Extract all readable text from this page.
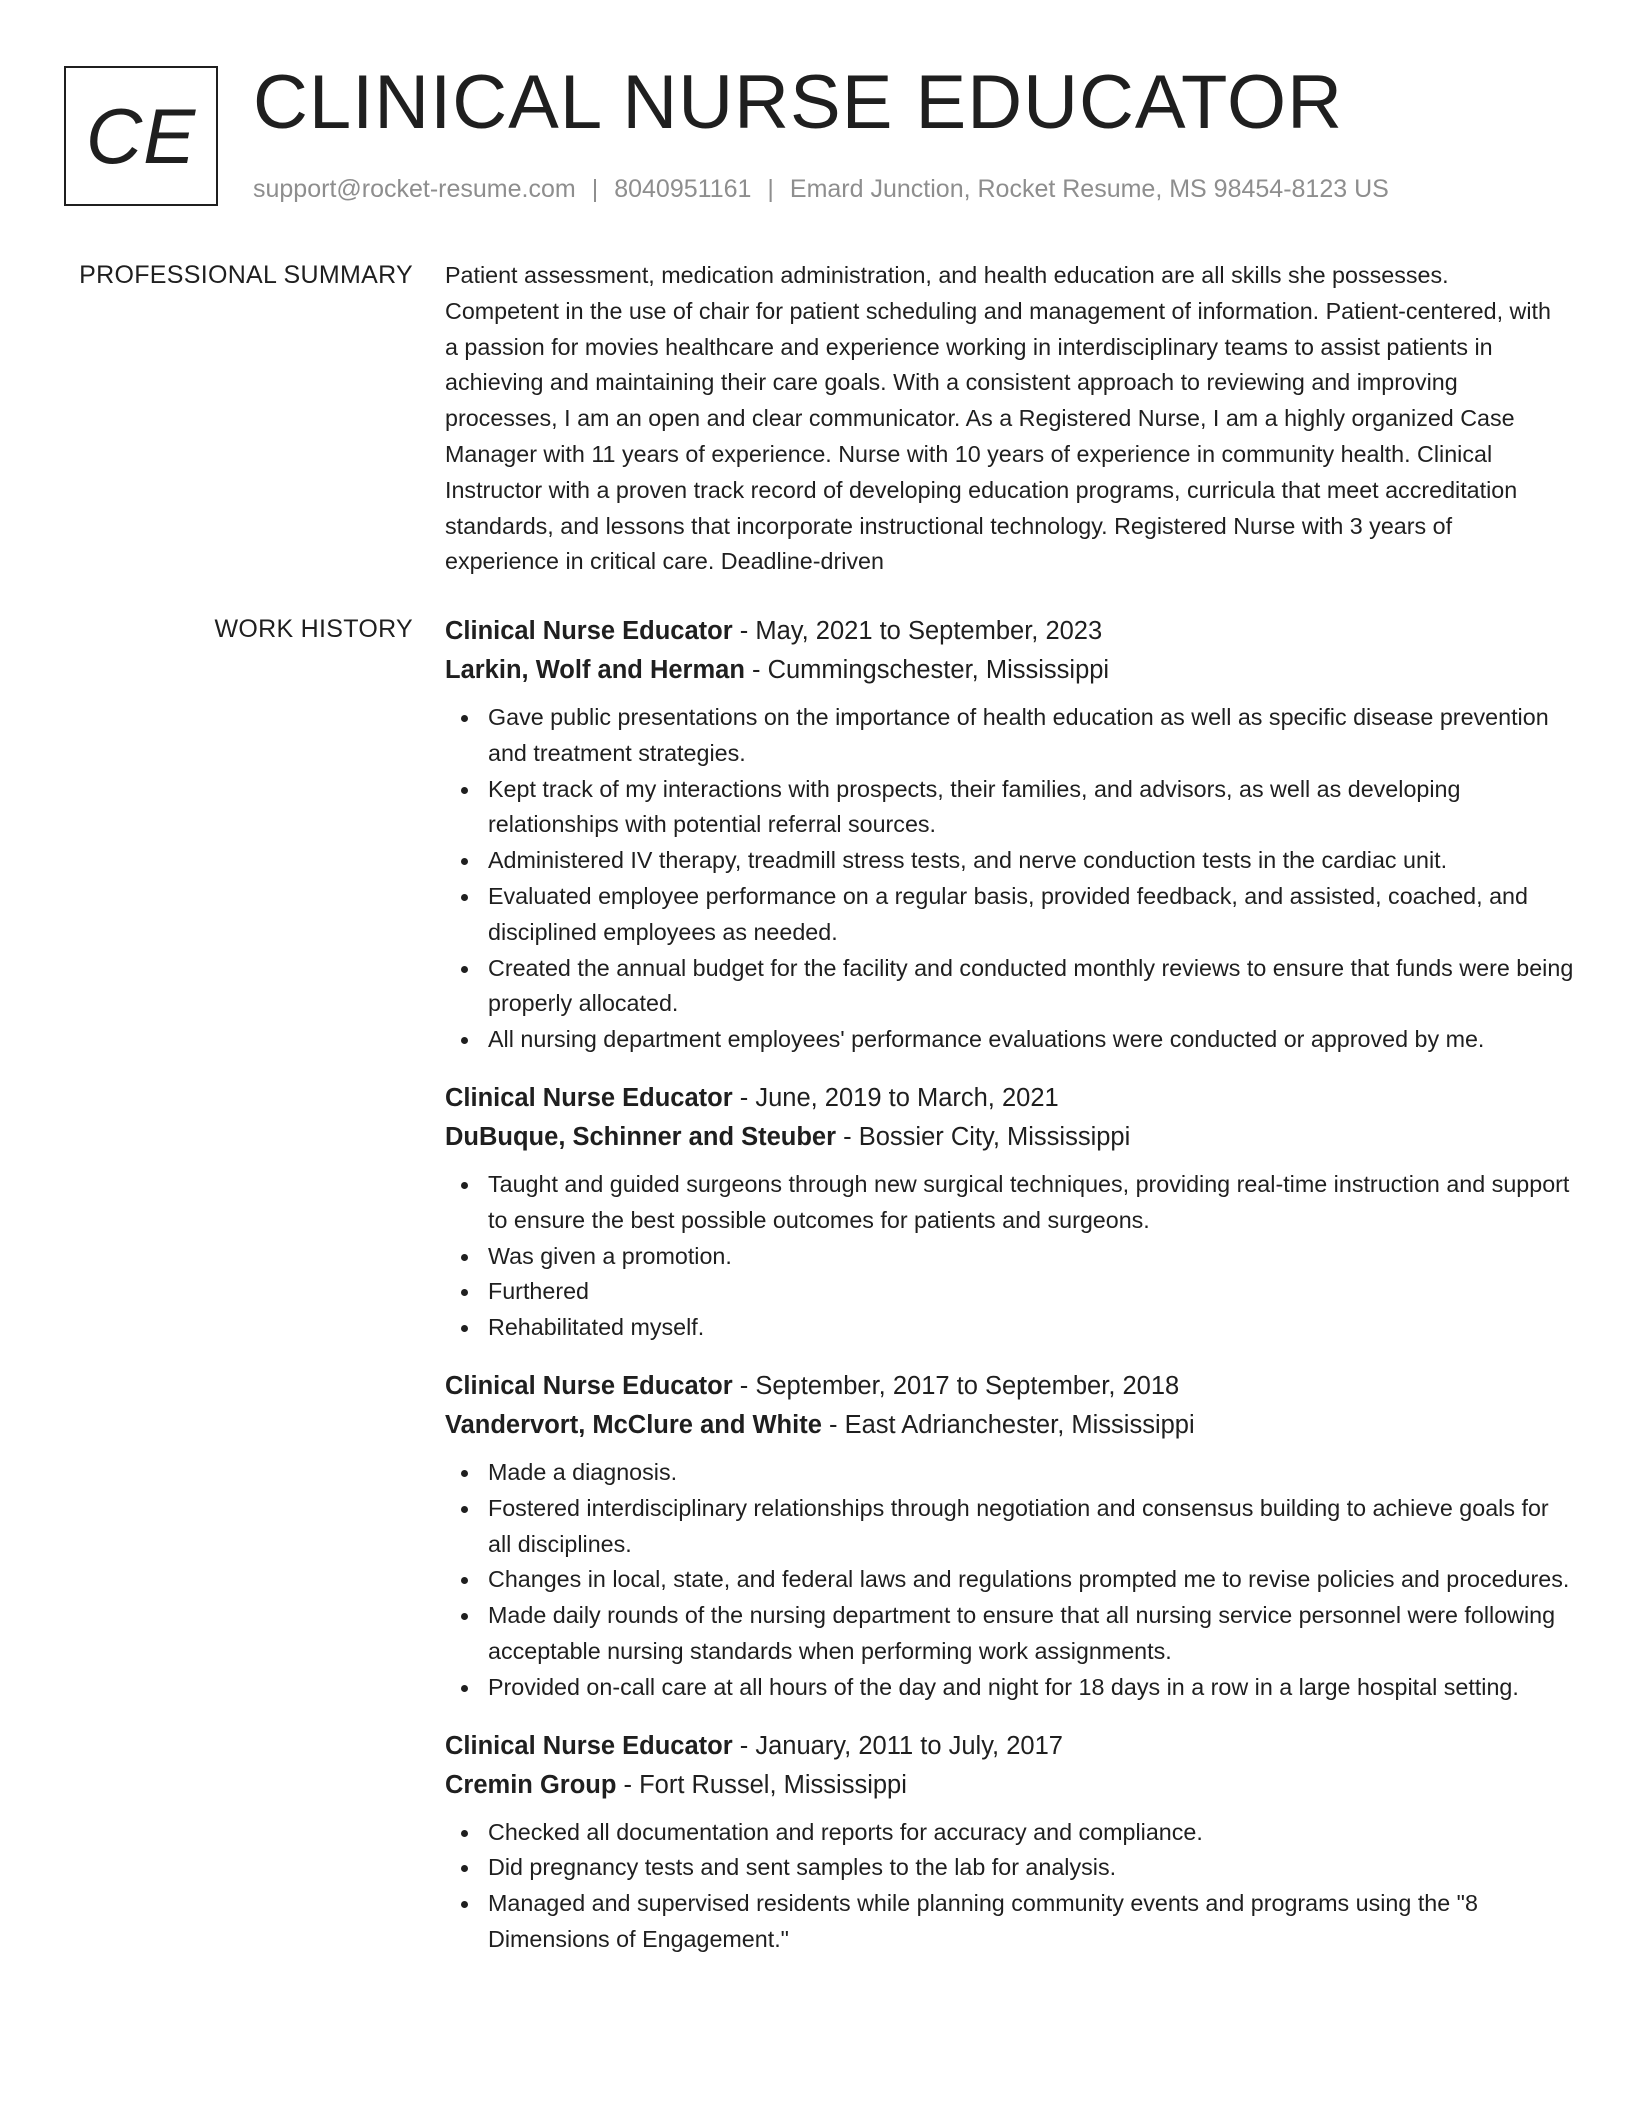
CE CLINICAL NURSE EDUCATOR
support@rocket-resume.com | 8040951161 | Emard Junction, Rocket Resume, MS 98454-8123 US
PROFESSIONAL SUMMARY Patient assessment, medication administration, and health education are all skills she possesses. Competent in the use of chair for patient scheduling and management of information. Patient-centered, with a passion for movies healthcare and experience working in interdisciplinary teams to assist patients in achieving and maintaining their care goals. With a consistent approach to reviewing and improving processes, I am an open and clear communicator. As a Registered Nurse, I am a highly organized Case Manager with 11 years of experience. Nurse with 10 years of experience in community health. Clinical Instructor with a proven track record of developing education programs, curricula that meet accreditation standards, and lessons that incorporate instructional technology. Registered Nurse with 3 years of experience in critical care. Deadline-driven
WORK HISTORY Clinical Nurse Educator - May, 2021 to September, 2023
Larkin, Wolf and Herman - Cummingschester, Mississippi
Gave public presentations on the importance of health education as well as specific disease prevention and treatment strategies.
Kept track of my interactions with prospects, their families, and advisors, as well as developing relationships with potential referral sources.
Administered IV therapy, treadmill stress tests, and nerve conduction tests in the cardiac unit.
Evaluated employee performance on a regular basis, provided feedback, and assisted, coached, and disciplined employees as needed.
Created the annual budget for the facility and conducted monthly reviews to ensure that funds were being properly allocated.
All nursing department employees' performance evaluations were conducted or approved by me.
Clinical Nurse Educator - June, 2019 to March, 2021
DuBuque, Schinner and Steuber - Bossier City, Mississippi
Taught and guided surgeons through new surgical techniques, providing real-time instruction and support to ensure the best possible outcomes for patients and surgeons.
Was given a promotion.
Furthered
Rehabilitated myself.
Clinical Nurse Educator - September, 2017 to September, 2018
Vandervort, McClure and White - East Adrianchester, Mississippi
Made a diagnosis.
Fostered interdisciplinary relationships through negotiation and consensus building to achieve goals for all disciplines.
Changes in local, state, and federal laws and regulations prompted me to revise policies and procedures.
Made daily rounds of the nursing department to ensure that all nursing service personnel were following acceptable nursing standards when performing work assignments.
Provided on-call care at all hours of the day and night for 18 days in a row in a large hospital setting.
Clinical Nurse Educator - January, 2011 to July, 2017
Cremin Group - Fort Russel, Mississippi
Checked all documentation and reports for accuracy and compliance.
Did pregnancy tests and sent samples to the lab for analysis.
Managed and supervised residents while planning community events and programs using the "8 Dimensions of Engagement."
